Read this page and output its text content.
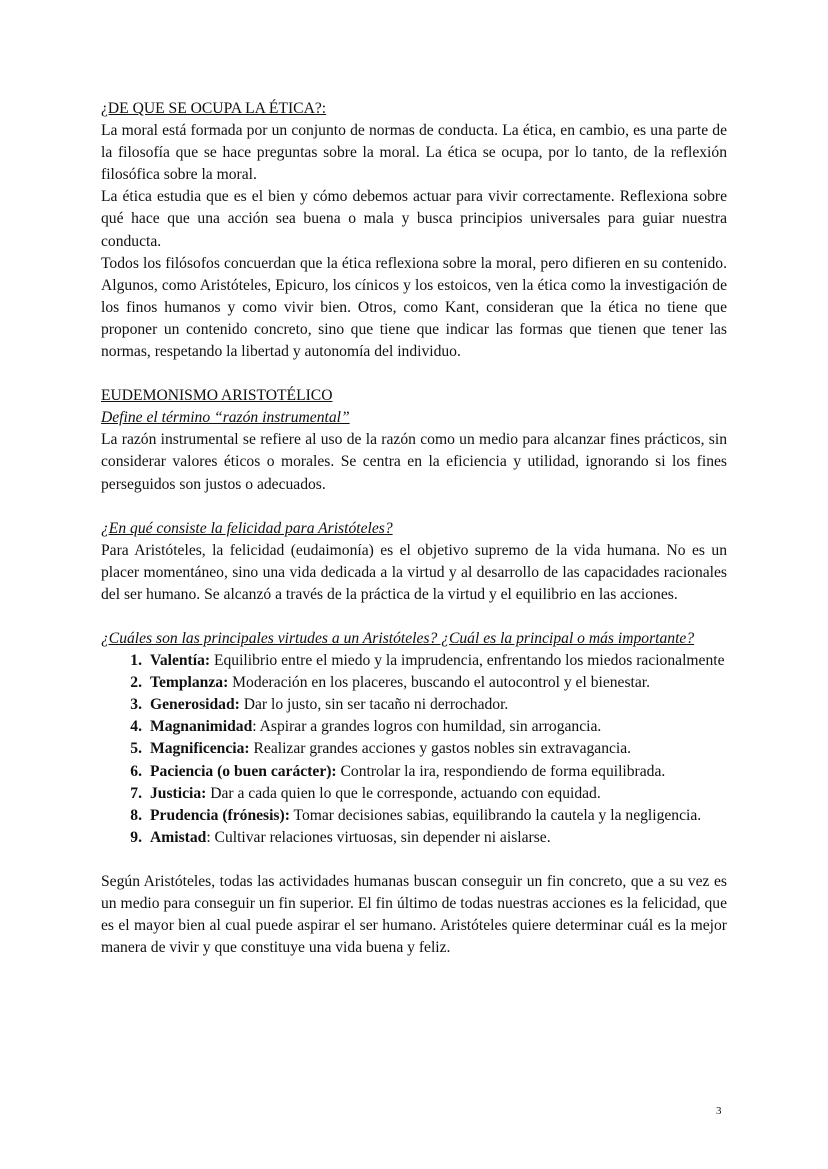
¿DE QUE SE OCUPA LA ÉTICA?:

La moral está formada por un conjunto de normas de conducta. La ética, en cambio, es una parte de la filosofía que se hace preguntas sobre la moral. La ética se ocupa, por lo tanto, de la reflexión filosófica sobre la moral.

La ética estudia que es el bien y cómo debemos actuar para vivir correctamente. Reflexiona sobre qué hace que una acción sea buena o mala y busca principios universales para guiar nuestra conducta.

Todos los filósofos concuerdan que la ética reflexiona sobre la moral, pero difieren en su contenido. Algunos, como Aristóteles, Epicuro, los cínicos y los estoicos, ven la ética como la investigación de los finos humanos y como vivir bien. Otros, como Kant, consideran que la ética no tiene que proponer un contenido concreto, sino que tiene que indicar las formas que tienen que tener las normas, respetando la libertad y autonomía del individuo.

EUDEMONISMO ARISTOTÉLICO

Define el término “razón instrumental”

La razón instrumental se refiere al uso de la razón como un medio para alcanzar fines prácticos, sin considerar valores éticos o morales. Se centra en la eficiencia y utilidad, ignorando si los fines perseguidos son justos o adecuados.

¿En qué consiste la felicidad para Aristóteles?

Para Aristóteles, la felicidad (eudaimonía) es el objetivo supremo de la vida humana. No es un placer momentáneo, sino una vida dedicada a la virtud y al desarrollo de las capacidades racionales del ser humano. Se alcanzó a través de la práctica de la virtud y el equilibrio en las acciones.

¿Cuáles son las principales virtudes a un Aristóteles? ¿Cuál es la principal o más importante?

1. Valentía: Equilibrio entre el miedo y la imprudencia, enfrentando los miedos racionalmente
2. Templanza: Moderación en los placeres, buscando el autocontrol y el bienestar.
3. Generosidad: Dar lo justo, sin ser tacaño ni derrochador.
4. Magnanimidad: Aspirar a grandes logros con humildad, sin arrogancia.
5. Magnificencia: Realizar grandes acciones y gastos nobles sin extravagancia.
6. Paciencia (o buen carácter): Controlar la ira, respondiendo de forma equilibrada.
7. Justicia: Dar a cada quien lo que le corresponde, actuando con equidad.
8. Prudencia (frónesis): Tomar decisiones sabias, equilibrando la cautela y la negligencia.
9. Amistad: Cultivar relaciones virtuosas, sin depender ni aislarse.

Según Aristóteles, todas las actividades humanas buscan conseguir un fin concreto, que a su vez es un medio para conseguir un fin superior. El fin último de todas nuestras acciones es la felicidad, que es el mayor bien al cual puede aspirar el ser humano. Aristóteles quiere determinar cuál es la mejor manera de vivir y que constituye una vida buena y feliz.

3
